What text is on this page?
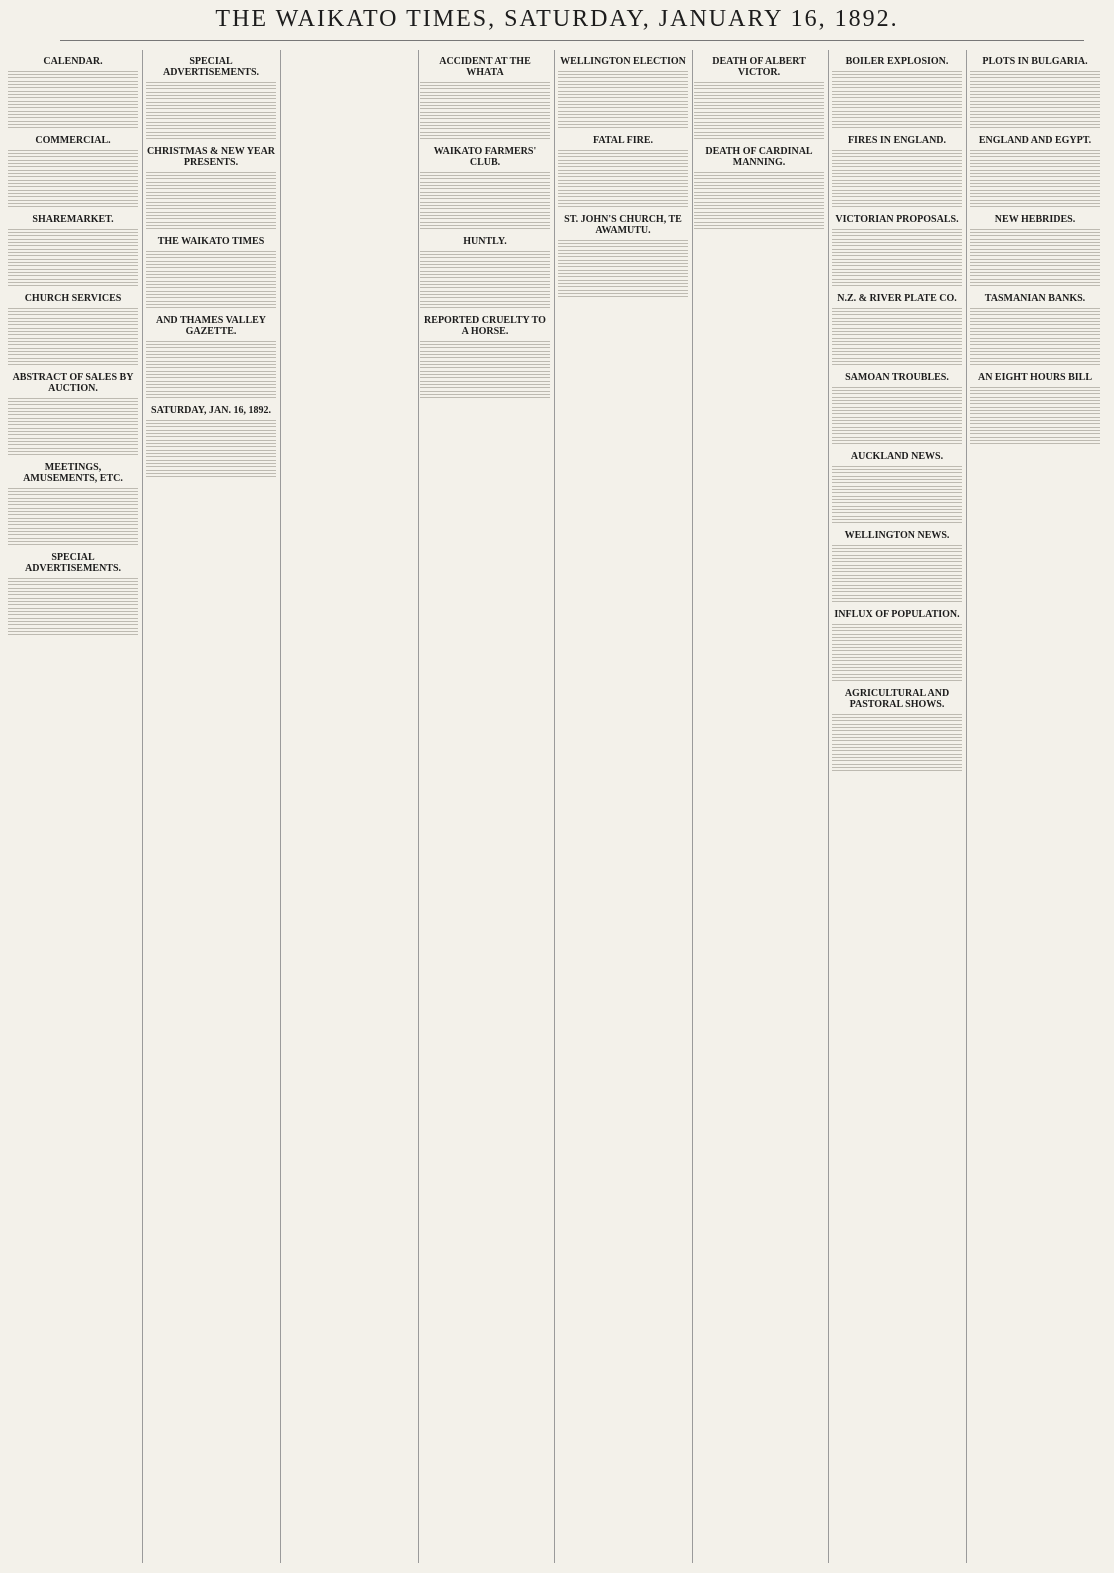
THE WAIKATO TIMES, SATURDAY, JANUARY 16, 1892.
CALENDAR.
COMMERCIAL.
SHAREMARKET.
CHURCH SERVICES
ABSTRACT OF SALES BY AUCTION.
MEETINGS, AMUSEMENTS, ETC.
SPECIAL ADVERTISEMENTS.
SPECIAL ADVERTISEMENTS.
CHRISTMAS & NEW YEAR PRESENTS.
THE WAIKATO TIMES
AND THAMES VALLEY GAZETTE.
SATURDAY, JAN. 16, 1892.
ACCIDENT AT THE WHATA
WAIKATO FARMERS' CLUB.
HUNTLY.
REPORTED CRUELTY TO A HORSE.
WELLINGTON ELECTION
FATAL FIRE.
ST. JOHN'S CHURCH, TE AWAMUTU.
DEATH OF ALBERT VICTOR.
DEATH OF CARDINAL MANNING.
BOILER EXPLOSION.
FIRES IN ENGLAND.
VICTORIAN PROPOSALS.
N.Z. & RIVER PLATE CO.
SAMOAN TROUBLES.
AUCKLAND NEWS.
WELLINGTON NEWS.
INFLUX OF POPULATION.
AGRICULTURAL AND PASTORAL SHOWS.
PLOTS IN BULGARIA.
ENGLAND AND EGYPT.
NEW HEBRIDES.
TASMANIAN BANKS.
AN EIGHT HOURS BILL
